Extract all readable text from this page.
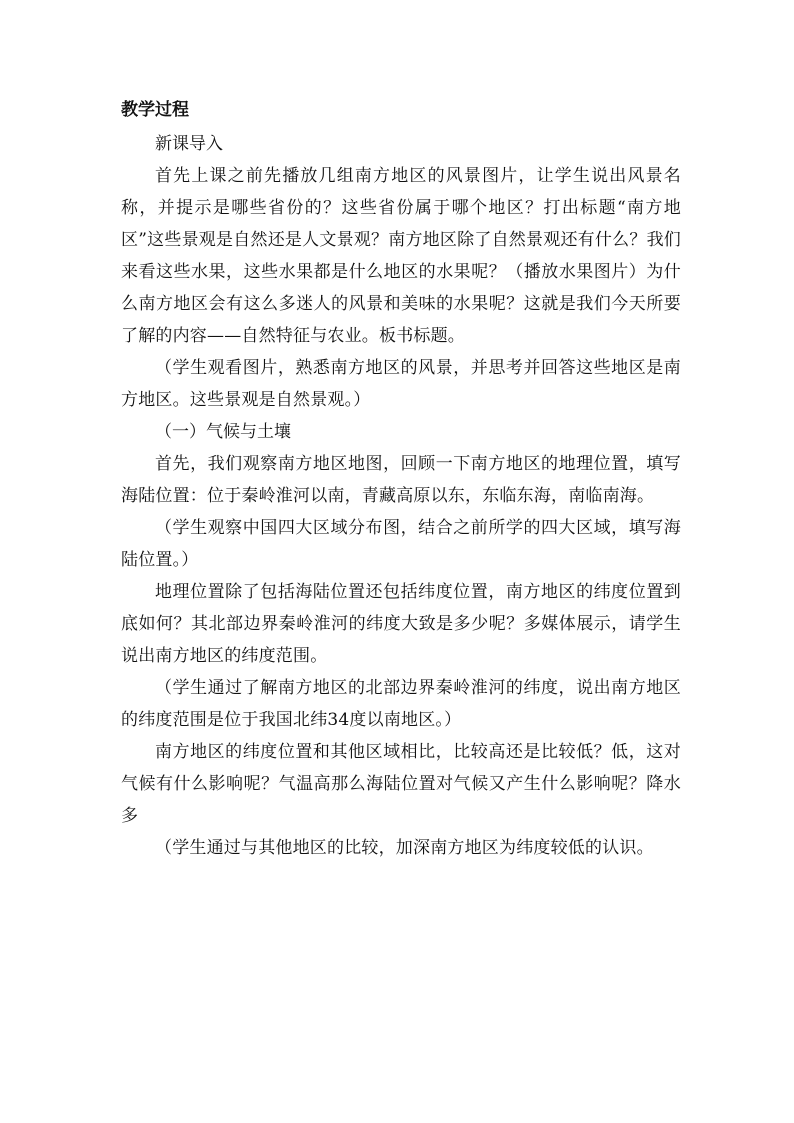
教学过程

新课导入

首先上课之前先播放几组南方地区的风景图片，让学生说出风景名称，并提示是哪些省份的？这些省份属于哪个地区？打出标题“南方地区”这些景观是自然还是人文景观？南方地区除了自然景观还有什么？我们来看这些水果，这些水果都是什么地区的水果呢？（播放水果图片）为什么南方地区会有这么多迷人的风景和美味的水果呢？这就是我们今天所要了解的内容——自然特征与农业。板书标题。

（学生观看图片，熟悉南方地区的风景，并思考并回答这些地区是南方地区。这些景观是自然景观。）

（一）气候与土壤

首先，我们观察南方地区地图，回顾一下南方地区的地理位置，填写海陆位置：位于秦岭淮河以南，青藏高原以东，东临东海，南临南海。

（学生观察中国四大区域分布图，结合之前所学的四大区域，填写海陆位置。）

地理位置除了包括海陆位置还包括纬度位置，南方地区的纬度位置到底如何？其北部边界秦岭淮河的纬度大致是多少呢？多媒体展示，请学生说出南方地区的纬度范围。

（学生通过了解南方地区的北部边界秦岭淮河的纬度，说出南方地区的纬度范围是位于我国北纬34度以南地区。）

南方地区的纬度位置和其他区域相比，比较高还是比较低？低，这对气候有什么影响呢？气温高那么海陆位置对气候又产生什么影响呢？降水多

（学生通过与其他地区的比较，加深南方地区为纬度较低的认识。
